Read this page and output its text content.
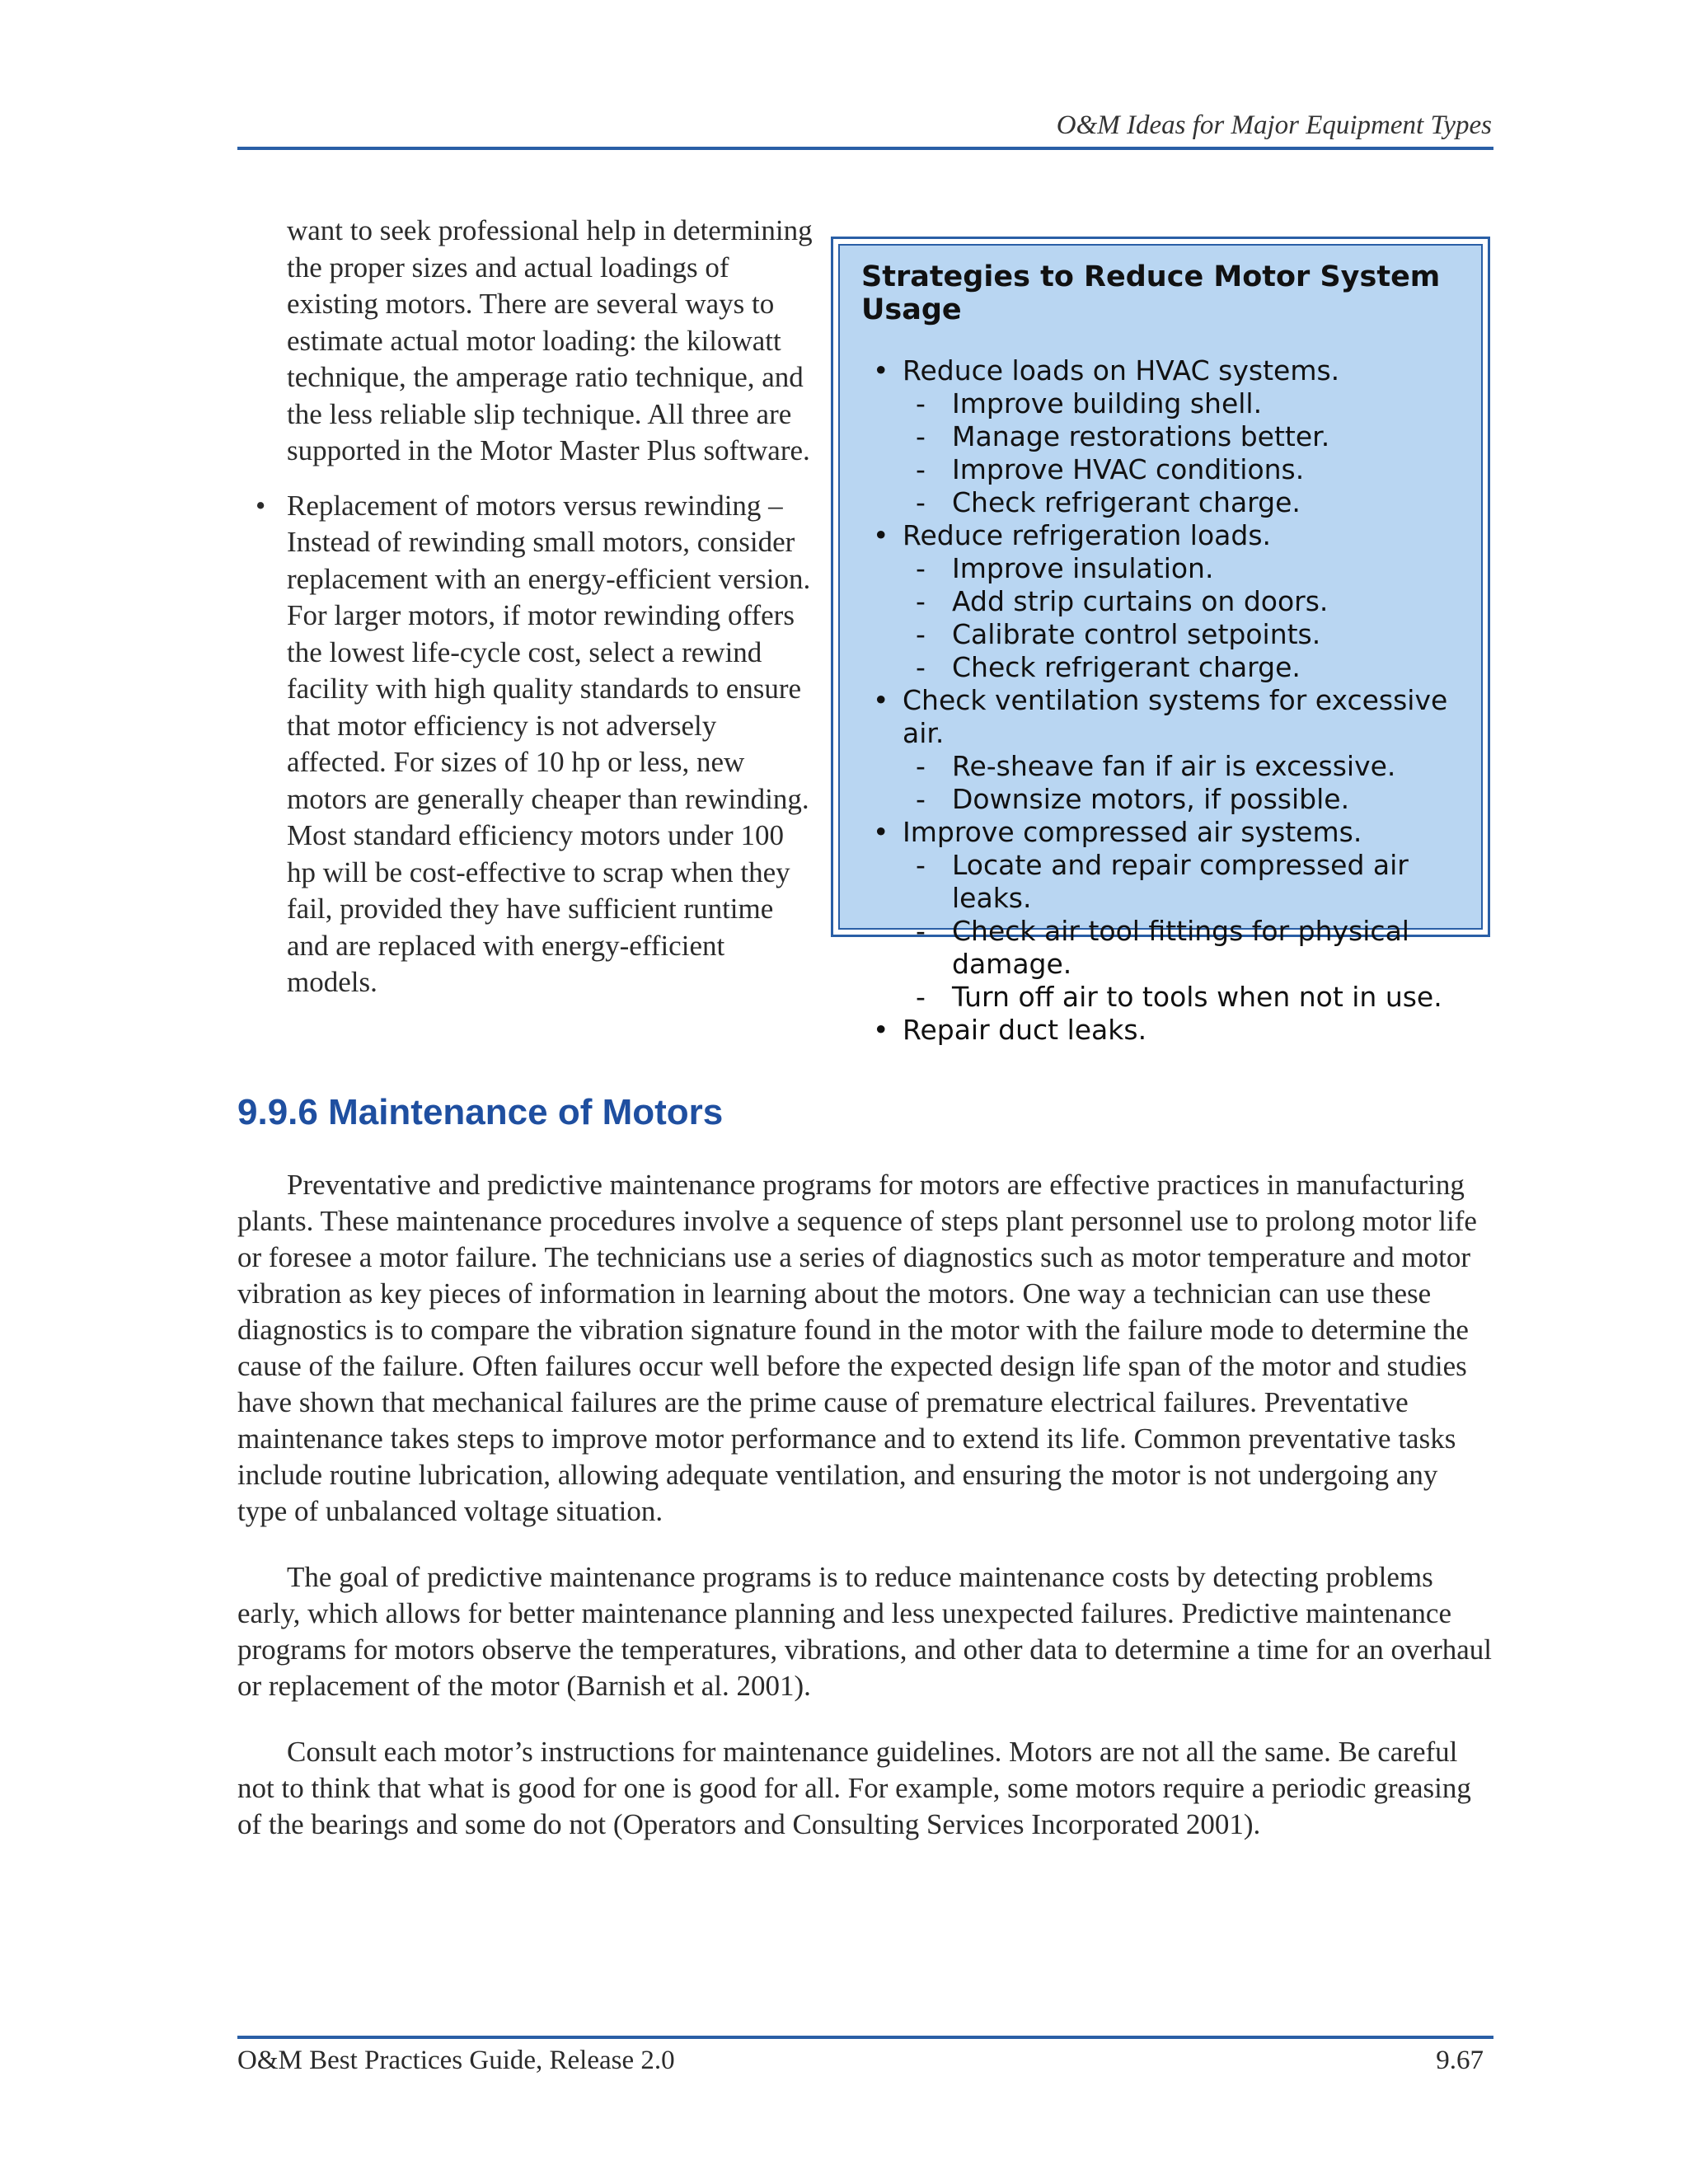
O&M Ideas for Major Equipment Types

want to seek professional help in determining the proper sizes and actual loadings of existing motors. There are several ways to estimate actual motor loading: the kilowatt technique, the amperage ratio technique, and the less reliable slip technique. All three are supported in the Motor Master Plus software.

• Replacement of motors versus rewinding – Instead of rewinding small motors, consider replacement with an energy-efficient version. For larger motors, if motor rewinding offers the lowest life-cycle cost, select a rewind facility with high quality standards to ensure that motor efficiency is not adversely affected. For sizes of 10 hp or less, new motors are generally cheaper than rewinding. Most standard efficiency motors under 100 hp will be cost-effective to scrap when they fail, provided they have sufficient runtime and are replaced with energy-efficient models.
Strategies to Reduce Motor System Usage
• Reduce loads on HVAC systems.
- Improve building shell.
- Manage restorations better.
- Improve HVAC conditions.
- Check refrigerant charge.
• Reduce refrigeration loads.
- Improve insulation.
- Add strip curtains on doors.
- Calibrate control setpoints.
- Check refrigerant charge.
• Check ventilation systems for excessive air.
- Re-sheave fan if air is excessive.
- Downsize motors, if possible.
• Improve compressed air systems.
- Locate and repair compressed air leaks.
- Check air tool fittings for physical damage.
- Turn off air to tools when not in use.
• Repair duct leaks.
9.9.6 Maintenance of Motors

Preventative and predictive maintenance programs for motors are effective practices in manufacturing plants. These maintenance procedures involve a sequence of steps plant personnel use to prolong motor life or foresee a motor failure. The technicians use a series of diagnostics such as motor temperature and motor vibration as key pieces of information in learning about the motors. One way a technician can use these diagnostics is to compare the vibration signature found in the motor with the failure mode to determine the cause of the failure. Often failures occur well before the expected design life span of the motor and studies have shown that mechanical failures are the prime cause of premature electrical failures. Preventative maintenance takes steps to improve motor performance and to extend its life. Common preventative tasks include routine lubrication, allowing adequate ventilation, and ensuring the motor is not undergoing any type of unbalanced voltage situation.

The goal of predictive maintenance programs is to reduce maintenance costs by detecting problems early, which allows for better maintenance planning and less unexpected failures. Predictive maintenance programs for motors observe the temperatures, vibrations, and other data to determine a time for an overhaul or replacement of the motor (Barnish et al. 2001).

Consult each motor’s instructions for maintenance guidelines. Motors are not all the same. Be careful not to think that what is good for one is good for all. For example, some motors require a periodic greasing of the bearings and some do not (Operators and Consulting Services Incorporated 2001).

O&M Best Practices Guide, Release 2.0	9.67
